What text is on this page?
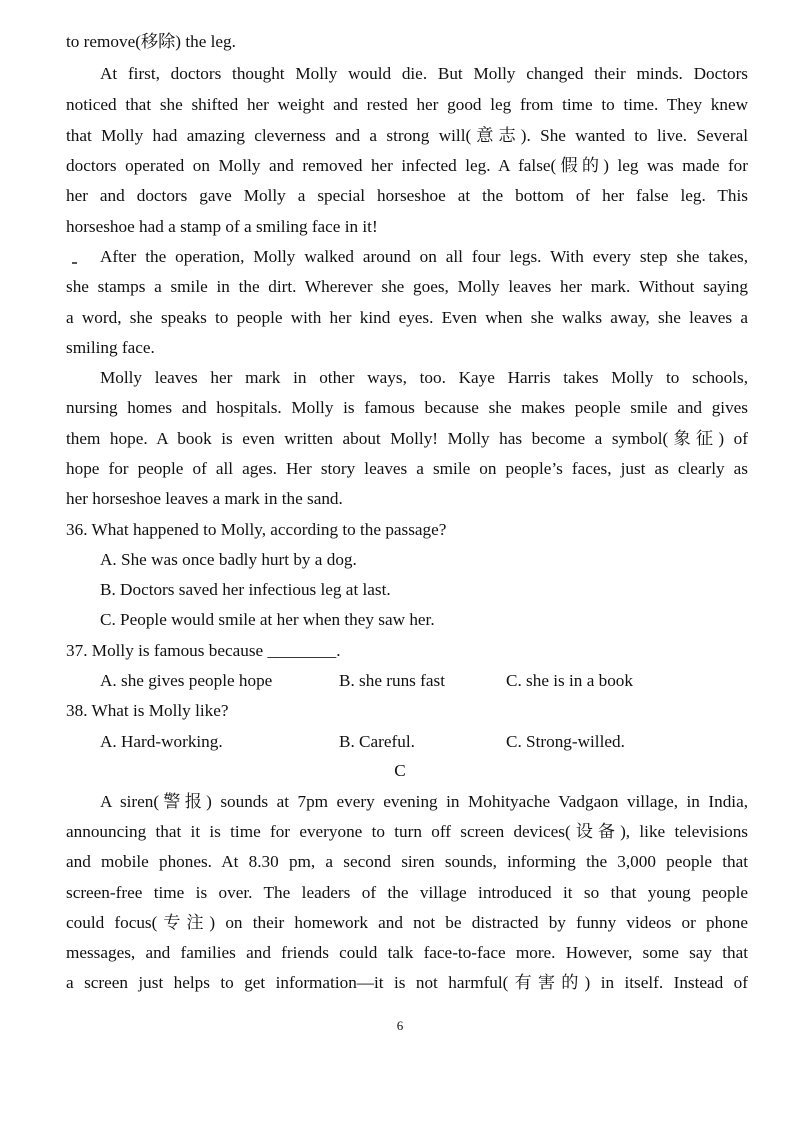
to remove(移除) the leg.
At first, doctors thought Molly would die. But Molly changed their minds. Doctors
noticed that she shifted her weight and rested her good leg from time to time. They knew
that Molly had amazing cleverness and a strong will(意志). She wanted to live. Several
doctors operated on Molly and removed her infected leg. A false(假的) leg was made for
her and doctors gave Molly a special horseshoe at the bottom of her false leg. This
horseshoe had a stamp of a smiling face in it!
After the operation, Molly walked around on all four legs. With every step she takes,
she stamps a smile in the dirt. Wherever she goes, Molly leaves her mark. Without saying
a word, she speaks to people with her kind eyes. Even when she walks away, she leaves a
smiling face.
Molly leaves her mark in other ways, too. Kaye Harris takes Molly to schools,
nursing homes and hospitals. Molly is famous because she makes people smile and gives
them hope. A book is even written about Molly! Molly has become a symbol(象征) of
hope for people of all ages. Her story leaves a smile on people’s faces, just as clearly as
her horseshoe leaves a mark in the sand.
36. What happened to Molly, according to the passage?
A. She was once badly hurt by a dog.
B. Doctors saved her infectious leg at last.
C. People would smile at her when they saw her.
37. Molly is famous because ________.
A. she gives people hope	B. she runs fast	C. she is in a book
38. What is Molly like?
A. Hard-working.	B. Careful.	C. Strong-willed.
C
A siren(警报) sounds at 7pm every evening in Mohityache Vadgaon village, in India,
announcing that it is time for everyone to turn off screen devices(设备), like televisions
and mobile phones. At 8.30 pm, a second siren sounds, informing the 3,000 people that
screen-free time is over. The leaders of the village introduced it so that young people
could focus(专注) on their homework and not be distracted by funny videos or phone
messages, and families and friends could talk face-to-face more. However, some say that
a screen just helps to get information—it is not harmful(有害的) in itself. Instead of
6
